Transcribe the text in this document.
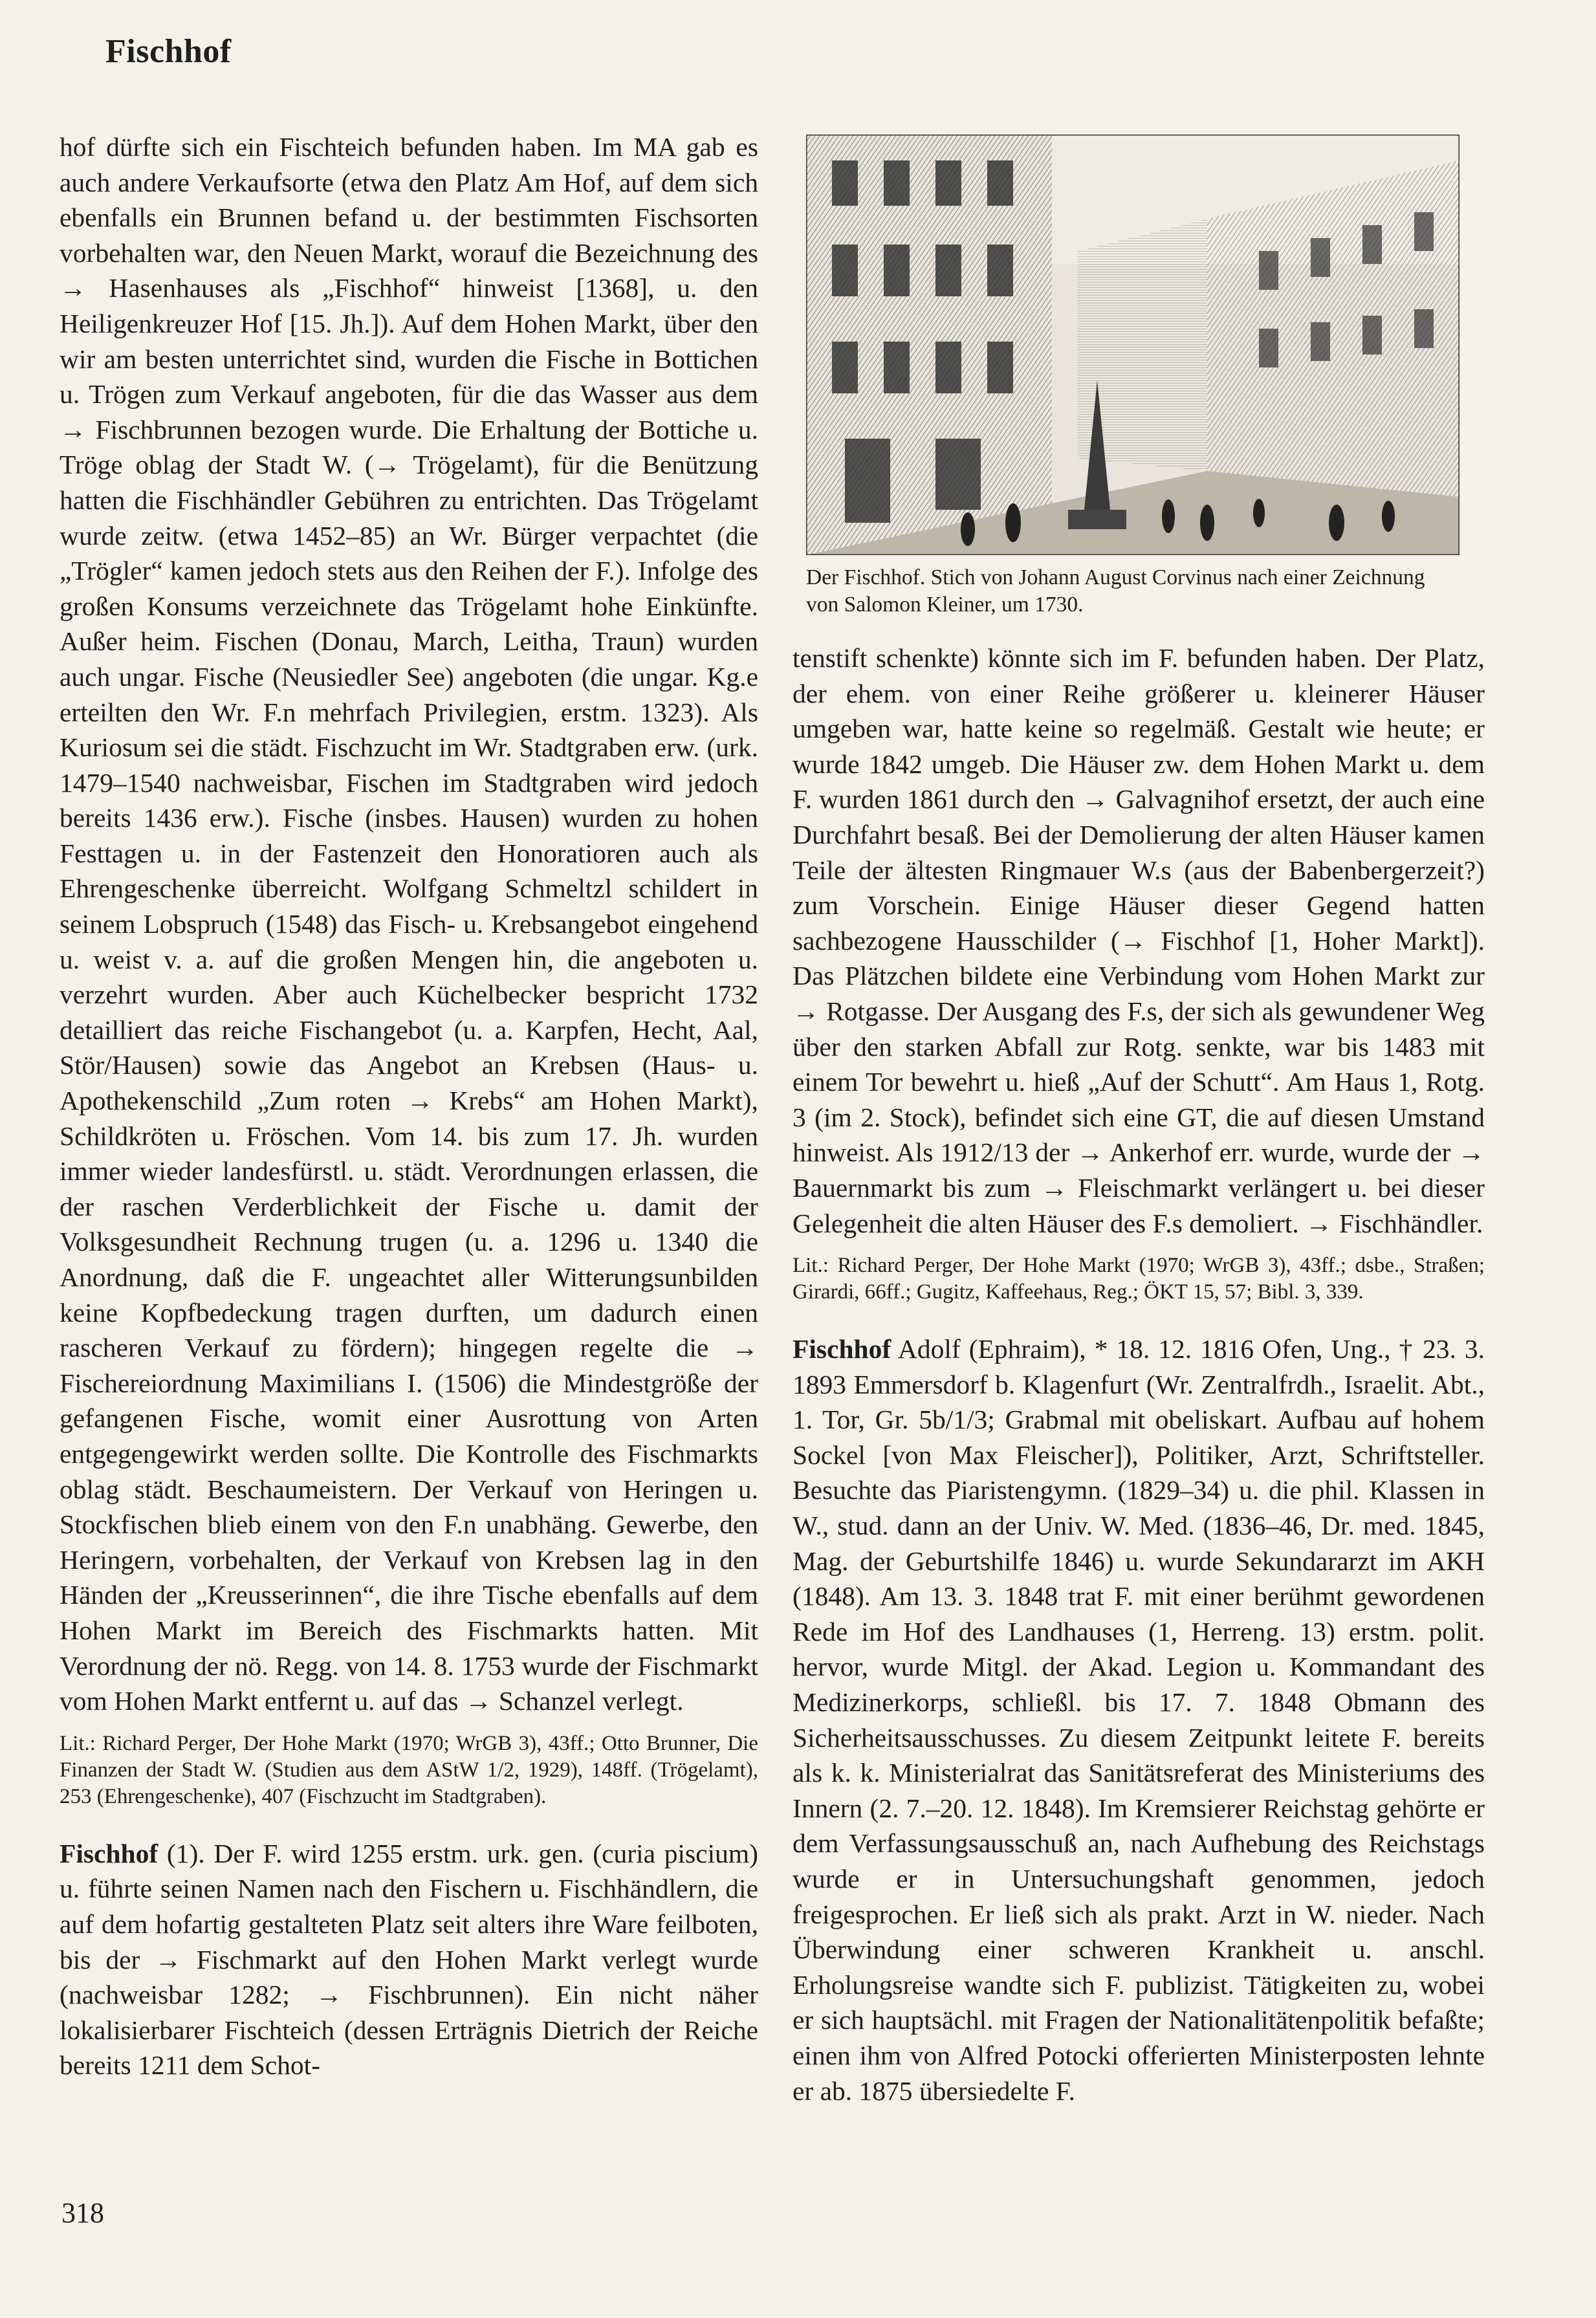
Fischhof

hof dürfte sich ein Fischteich befunden haben. Im MA gab es auch andere Verkaufsorte (etwa den Platz Am Hof, auf dem sich ebenfalls ein Brunnen befand u. der bestimmten Fischsorten vorbehalten war, den Neuen Markt, worauf die Bezeichnung des → Hasenhauses als „Fischhof“ hinweist [1368], u. den Heiligenkreuzer Hof [15. Jh.]). Auf dem Hohen Markt, über den wir am besten unterrichtet sind, wurden die Fische in Bottichen u. Trögen zum Verkauf angeboten, für die das Wasser aus dem → Fischbrunnen bezogen wurde. Die Erhaltung der Bottiche u. Tröge oblag der Stadt W. (→ Trögelamt), für die Benützung hatten die Fischhändler Gebühren zu entrichten. Das Trögelamt wurde zeitw. (etwa 1452–85) an Wr. Bürger verpachtet (die „Trögler“ kamen jedoch stets aus den Reihen der F.). Infolge des großen Konsums verzeichnete das Trögelamt hohe Einkünfte. Außer heim. Fischen (Donau, March, Leitha, Traun) wurden auch ungar. Fische (Neusiedler See) angeboten (die ungar. Kg.e erteilten den Wr. F.n mehrfach Privilegien, erstm. 1323). Als Kuriosum sei die städt. Fischzucht im Wr. Stadtgraben erw. (urk. 1479–1540 nachweisbar, Fischen im Stadtgraben wird jedoch bereits 1436 erw.). Fische (insbes. Hausen) wurden zu hohen Festtagen u. in der Fastenzeit den Honoratioren auch als Ehrengeschenke überreicht. Wolfgang Schmeltzl schildert in seinem Lobspruch (1548) das Fisch- u. Krebsangebot eingehend u. weist v. a. auf die großen Mengen hin, die angeboten u. verzehrt wurden. Aber auch Küchelbecker bespricht 1732 detailliert das reiche Fischangebot (u. a. Karpfen, Hecht, Aal, Stör/Hausen) sowie das Angebot an Krebsen (Haus- u. Apothekenschild „Zum roten → Krebs“ am Hohen Markt), Schildkröten u. Fröschen. Vom 14. bis zum 17. Jh. wurden immer wieder landesfürstl. u. städt. Verordnungen erlassen, die der raschen Verderblichkeit der Fische u. damit der Volksgesundheit Rechnung trugen (u. a. 1296 u. 1340 die Anordnung, daß die F. ungeachtet aller Witterungsunbilden keine Kopfbedeckung tragen durften, um dadurch einen rascheren Verkauf zu fördern); hingegen regelte die → Fischereiordnung Maximilians I. (1506) die Mindestgröße der gefangenen Fische, womit einer Ausrottung von Arten entgegengewirkt werden sollte. Die Kontrolle des Fischmarkts oblag städt. Beschaumeistern. Der Verkauf von Heringen u. Stockfischen blieb einem von den F.n unabhäng. Gewerbe, den Heringern, vorbehalten, der Verkauf von Krebsen lag in den Händen der „Kreusserinnen“, die ihre Tische ebenfalls auf dem Hohen Markt im Bereich des Fischmarkts hatten. Mit Verordnung der nö. Regg. von 14. 8. 1753 wurde der Fischmarkt vom Hohen Markt entfernt u. auf das → Schanzel verlegt.

Lit.: Richard Perger, Der Hohe Markt (1970; WrGB 3), 43ff.; Otto Brunner, Die Finanzen der Stadt W. (Studien aus dem AStW 1/2, 1929), 148ff. (Trögelamt), 253 (Ehrengeschenke), 407 (Fischzucht im Stadtgraben).

Fischhof (1). Der F. wird 1255 erstm. urk. gen. (curia piscium) u. führte seinen Namen nach den Fischern u. Fischhändlern, die auf dem hofartig gestalteten Platz seit alters ihre Ware feilboten, bis der → Fischmarkt auf den Hohen Markt verlegt wurde (nachweisbar 1282; → Fischbrunnen). Ein nicht näher lokalisierbarer Fischteich (dessen Erträgnis Dietrich der Reiche bereits 1211 dem Schot-

Der Fischhof. Stich von Johann August Corvinus nach einer Zeichnung von Salomon Kleiner, um 1730.

tenstift schenkte) könnte sich im F. befunden haben. Der Platz, der ehem. von einer Reihe größerer u. kleinerer Häuser umgeben war, hatte keine so regelmäß. Gestalt wie heute; er wurde 1842 umgeb. Die Häuser zw. dem Hohen Markt u. dem F. wurden 1861 durch den → Galvagnihof ersetzt, der auch eine Durchfahrt besaß. Bei der Demolierung der alten Häuser kamen Teile der ältesten Ringmauer W.s (aus der Babenbergerzeit?) zum Vorschein. Einige Häuser dieser Gegend hatten sachbezogene Hausschilder (→ Fischhof [1, Hoher Markt]). Das Plätzchen bildete eine Verbindung vom Hohen Markt zur → Rotgasse. Der Ausgang des F.s, der sich als gewundener Weg über den starken Abfall zur Rotg. senkte, war bis 1483 mit einem Tor bewehrt u. hieß „Auf der Schutt“. Am Haus 1, Rotg. 3 (im 2. Stock), befindet sich eine GT, die auf diesen Umstand hinweist. Als 1912/13 der → Ankerhof err. wurde, wurde der → Bauernmarkt bis zum → Fleischmarkt verlängert u. bei dieser Gelegenheit die alten Häuser des F.s demoliert. → Fischhändler.

Lit.: Richard Perger, Der Hohe Markt (1970; WrGB 3), 43ff.; dsbe., Straßen; Girardi, 66ff.; Gugitz, Kaffeehaus, Reg.; ÖKT 15, 57; Bibl. 3, 339.

Fischhof Adolf (Ephraim), * 18. 12. 1816 Ofen, Ung., † 23. 3. 1893 Emmersdorf b. Klagenfurt (Wr. Zentralfrdh., Israelit. Abt., 1. Tor, Gr. 5b/1/3; Grabmal mit obeliskart. Aufbau auf hohem Sockel [von Max Fleischer]), Politiker, Arzt, Schriftsteller. Besuchte das Piaristengymn. (1829–34) u. die phil. Klassen in W., stud. dann an der Univ. W. Med. (1836–46, Dr. med. 1845, Mag. der Geburtshilfe 1846) u. wurde Sekundararzt im AKH (1848). Am 13. 3. 1848 trat F. mit einer berühmt gewordenen Rede im Hof des Landhauses (1, Herreng. 13) erstm. polit. hervor, wurde Mitgl. der Akad. Legion u. Kommandant des Medizinerkorps, schließl. bis 17. 7. 1848 Obmann des Sicherheitsausschusses. Zu diesem Zeitpunkt leitete F. bereits als k. k. Ministerialrat das Sanitätsreferat des Ministeriums des Innern (2. 7.–20. 12. 1848). Im Kremsierer Reichstag gehörte er dem Verfassungsausschuß an, nach Aufhebung des Reichstags wurde er in Untersuchungshaft genommen, jedoch freigesprochen. Er ließ sich als prakt. Arzt in W. nieder. Nach Überwindung einer schweren Krankheit u. anschl. Erholungsreise wandte sich F. publizist. Tätigkeiten zu, wobei er sich hauptsächl. mit Fragen der Nationalitätenpolitik befaßte; einen ihm von Alfred Potocki offerierten Ministerposten lehnte er ab. 1875 übersiedelte F.

318
